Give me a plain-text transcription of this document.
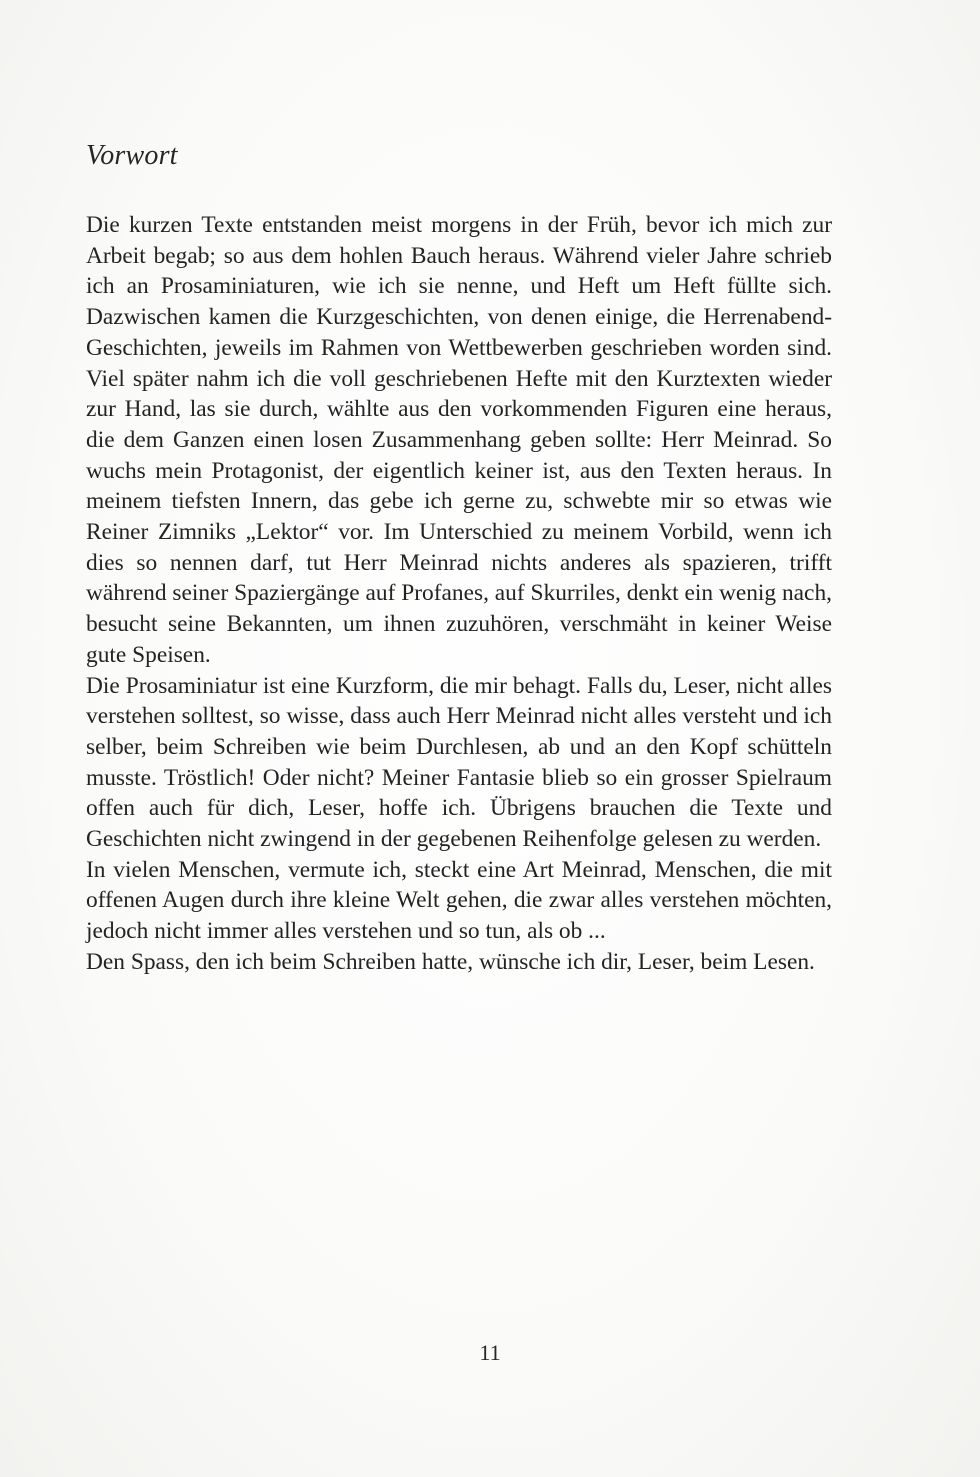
Vorwort

Die kurzen Texte entstanden meist morgens in der Früh, bevor ich mich zur Arbeit begab; so aus dem hohlen Bauch heraus. Während vieler Jahre schrieb ich an Prosaminiaturen, wie ich sie nenne, und Heft um Heft füllte sich. Dazwischen kamen die Kurzgeschichten, von denen einige, die Herrenabend-Geschichten, jeweils im Rahmen von Wettbewerben geschrieben worden sind. Viel später nahm ich die voll geschriebenen Hefte mit den Kurztexten wieder zur Hand, las sie durch, wählte aus den vorkommenden Figuren eine heraus, die dem Ganzen einen losen Zusammenhang geben sollte: Herr Meinrad. So wuchs mein Protagonist, der eigentlich keiner ist, aus den Texten heraus. In meinem tiefsten Innern, das gebe ich gerne zu, schwebte mir so etwas wie Reiner Zimniks „Lektor“ vor. Im Unterschied zu meinem Vorbild, wenn ich dies so nennen darf, tut Herr Meinrad nichts anderes als spazieren, trifft während seiner Spaziergänge auf Profanes, auf Skurriles, denkt ein wenig nach, besucht seine Bekannten, um ihnen zuzuhören, verschmäht in keiner Weise gute Speisen.

Die Prosaminiatur ist eine Kurzform, die mir behagt. Falls du, Leser, nicht alles verstehen solltest, so wisse, dass auch Herr Meinrad nicht alles versteht und ich selber, beim Schreiben wie beim Durchlesen, ab und an den Kopf schütteln musste. Tröstlich! Oder nicht? Meiner Fantasie blieb so ein grosser Spielraum offen auch für dich, Leser, hoffe ich. Übrigens brauchen die Texte und Geschichten nicht zwingend in der gegebenen Reihenfolge gelesen zu werden.

In vielen Menschen, vermute ich, steckt eine Art Meinrad, Menschen, die mit offenen Augen durch ihre kleine Welt gehen, die zwar alles verstehen möchten, jedoch nicht immer alles verstehen und so tun, als ob ...

Den Spass, den ich beim Schreiben hatte, wünsche ich dir, Leser, beim Lesen.

11
